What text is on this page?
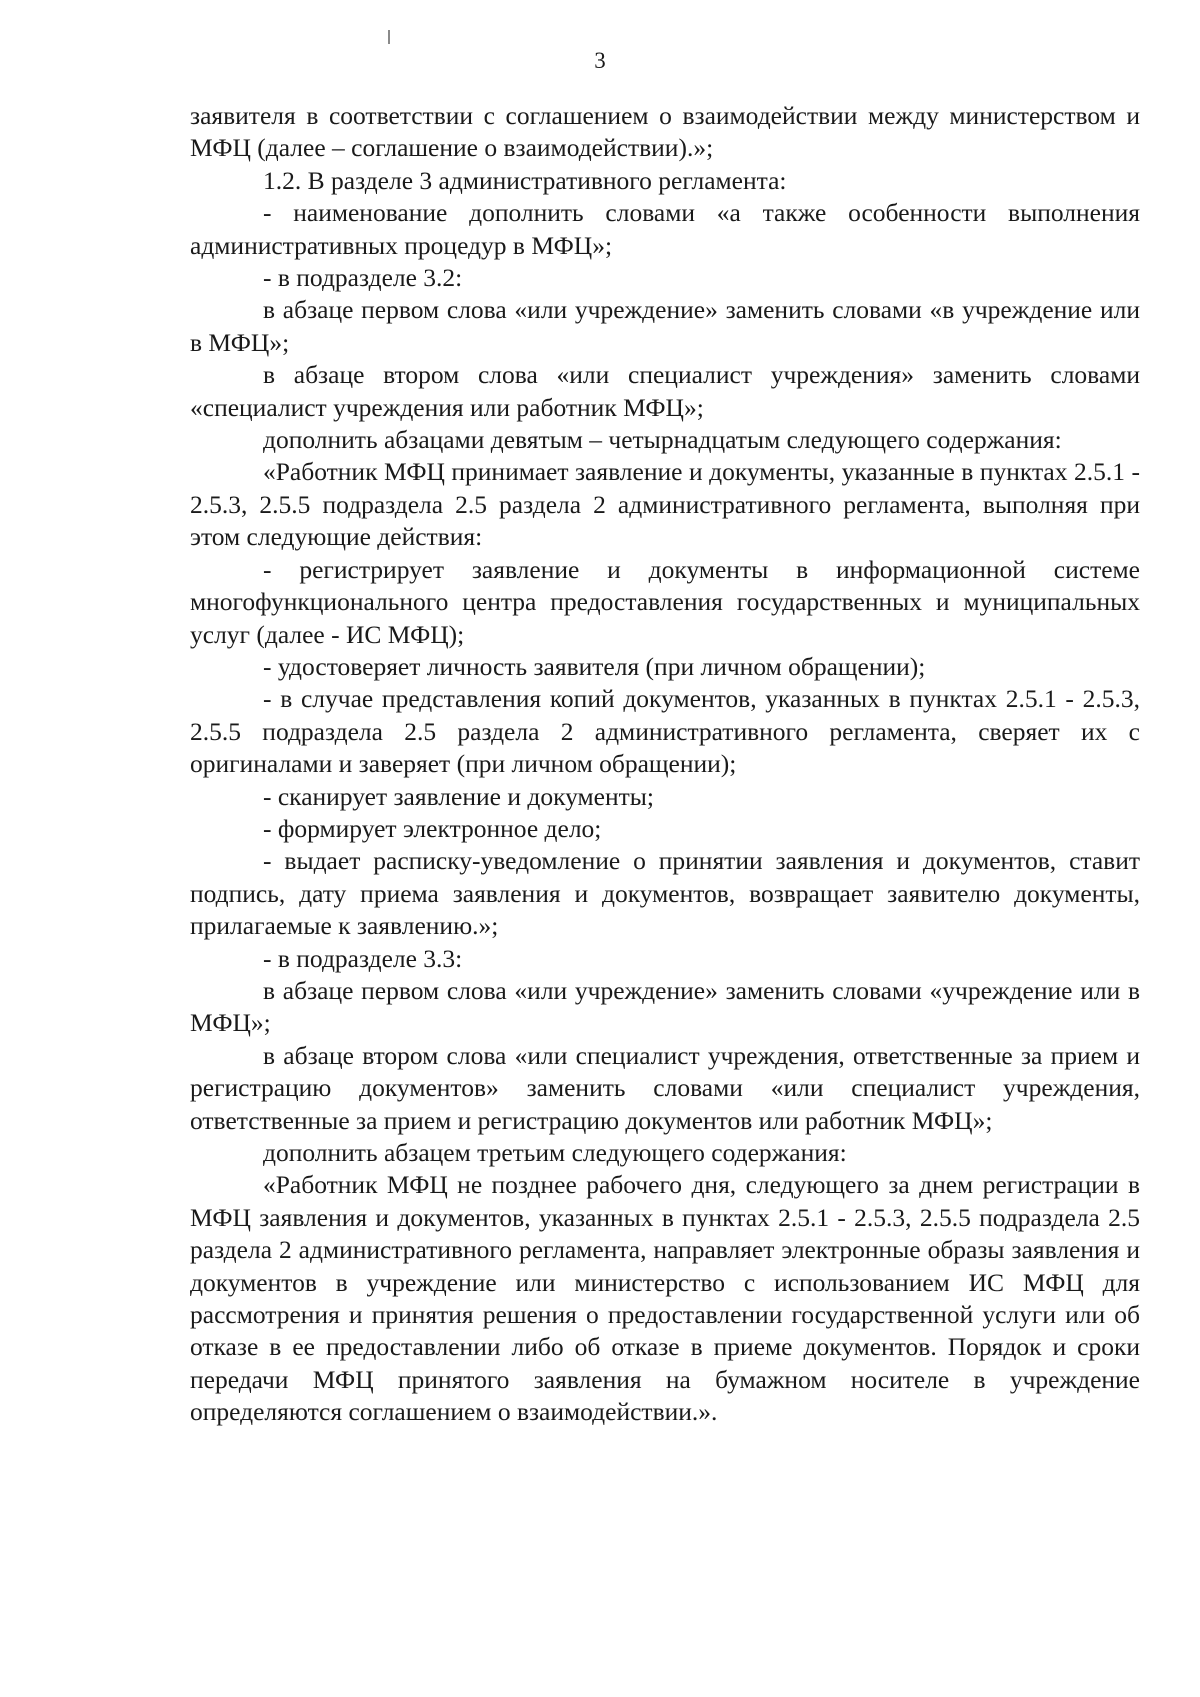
3

заявителя в соответствии с соглашением о взаимодействии между министерством и МФЦ (далее – соглашение о взаимодействии).»;

1.2. В разделе 3 административного регламента:

- наименование дополнить словами «а также особенности выполнения административных процедур в МФЦ»;

- в подразделе 3.2:

в абзаце первом слова «или учреждение» заменить словами «в учреждение или в МФЦ»;

в абзаце втором слова «или специалист учреждения» заменить словами «специалист учреждения или работник МФЦ»;

дополнить абзацами девятым – четырнадцатым следующего содержания:

«Работник МФЦ принимает заявление и документы, указанные в пунктах 2.5.1 - 2.5.3, 2.5.5 подраздела 2.5 раздела 2 административного регламента, выполняя при этом следующие действия:

- регистрирует заявление и документы в информационной системе многофункционального центра предоставления государственных и муниципальных услуг (далее - ИС МФЦ);

- удостоверяет личность заявителя (при личном обращении);

- в случае представления копий документов, указанных в пунктах 2.5.1 - 2.5.3, 2.5.5 подраздела 2.5 раздела 2 административного регламента, сверяет их с оригиналами и заверяет (при личном обращении);

- сканирует заявление и документы;

- формирует электронное дело;

- выдает расписку-уведомление о принятии заявления и документов, ставит подпись, дату приема заявления и документов, возвращает заявителю документы, прилагаемые к заявлению.»;

- в подразделе 3.3:

в абзаце первом слова «или учреждение» заменить словами «учреждение или в МФЦ»;

в абзаце втором слова «или специалист учреждения, ответственные за прием и регистрацию документов» заменить словами «или специалист учреждения, ответственные за прием и регистрацию документов или работник МФЦ»;

дополнить абзацем третьим следующего содержания:

«Работник МФЦ не позднее рабочего дня, следующего за днем регистрации в МФЦ заявления и документов, указанных в пунктах 2.5.1 - 2.5.3, 2.5.5 подраздела 2.5 раздела 2 административного регламента, направляет электронные образы заявления и документов в учреждение или министерство с использованием ИС МФЦ для рассмотрения и принятия решения о предоставлении государственной услуги или об отказе в ее предоставлении либо об отказе в приеме документов. Порядок и сроки передачи МФЦ принятого заявления на бумажном носителе в учреждение определяются соглашением о взаимодействии.».
